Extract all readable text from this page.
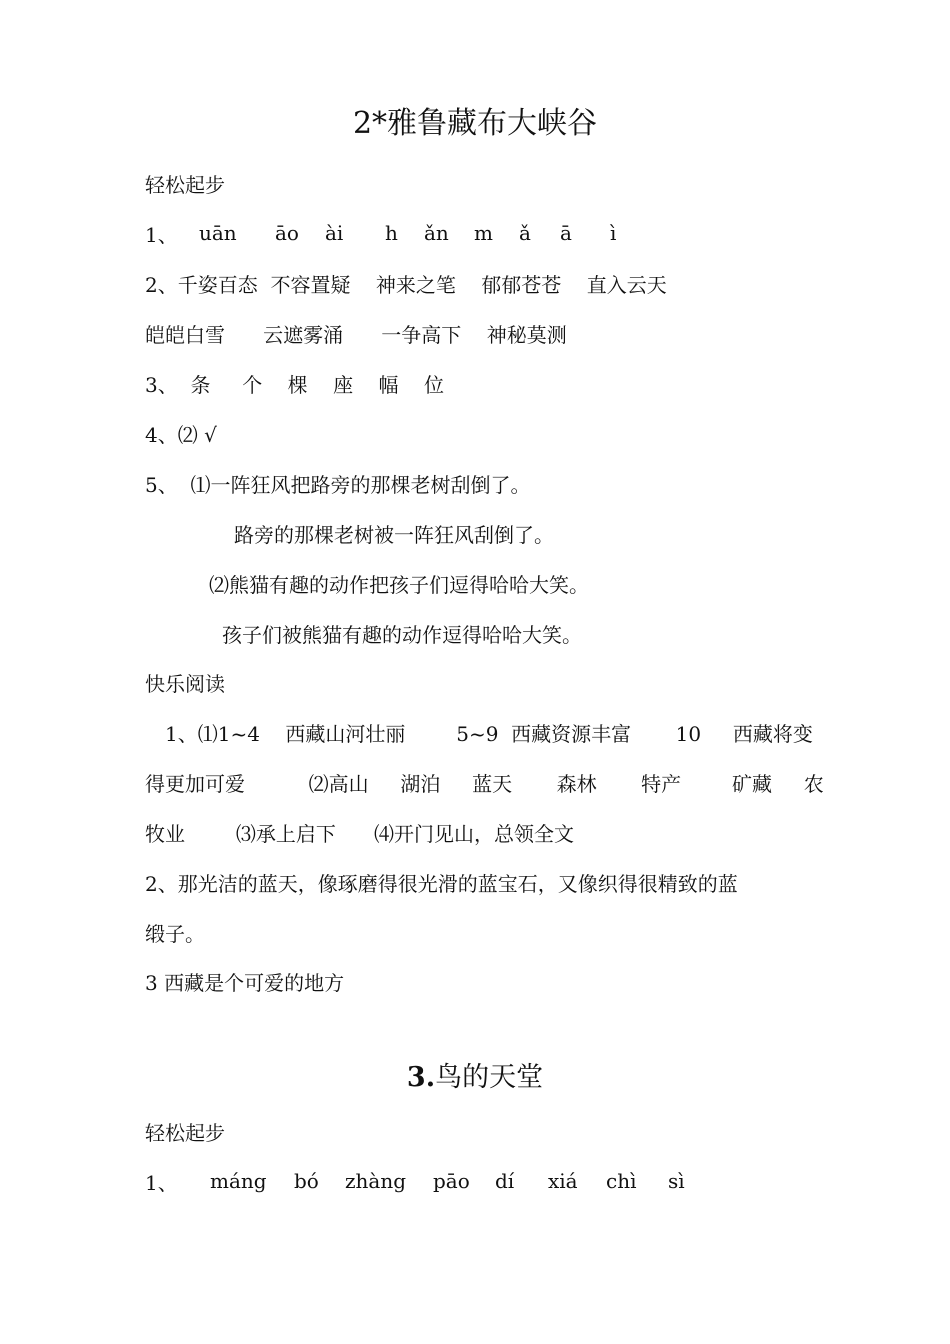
2*雅鲁藏布大峡谷
轻松起步
1、 uān āo ài h ǎn m ǎ ā ì
2、千姿百态  不容置疑    神来之笔    郁郁苍苍    直入云天
皑皑白雪      云遮雾涌      一争高下    神秘莫测
3、  条     个    棵    座    幅    位
4、⑵ √
5、  ⑴一阵狂风把路旁的那棵老树刮倒了。
路旁的那棵老树被一阵狂风刮倒了。
⑵熊猫有趣的动作把孩子们逗得哈哈大笑。
孩子们被熊猫有趣的动作逗得哈哈大笑。
快乐阅读
1、⑴1~4    西藏山河壮丽        5~9  西藏资源丰富       10     西藏将变
得更加可爱          ⑵高山     湖泊     蓝天       森林       特产        矿藏     农
牧业        ⑶承上启下      ⑷开门见山，总领全文
2、那光洁的蓝天，像琢磨得很光滑的蓝宝石，又像织得很精致的蓝
缎子。
3 西藏是个可爱的地方
3.鸟的天堂
轻松起步
1、 máng bó zhàng pāo dí xiá chì sì
